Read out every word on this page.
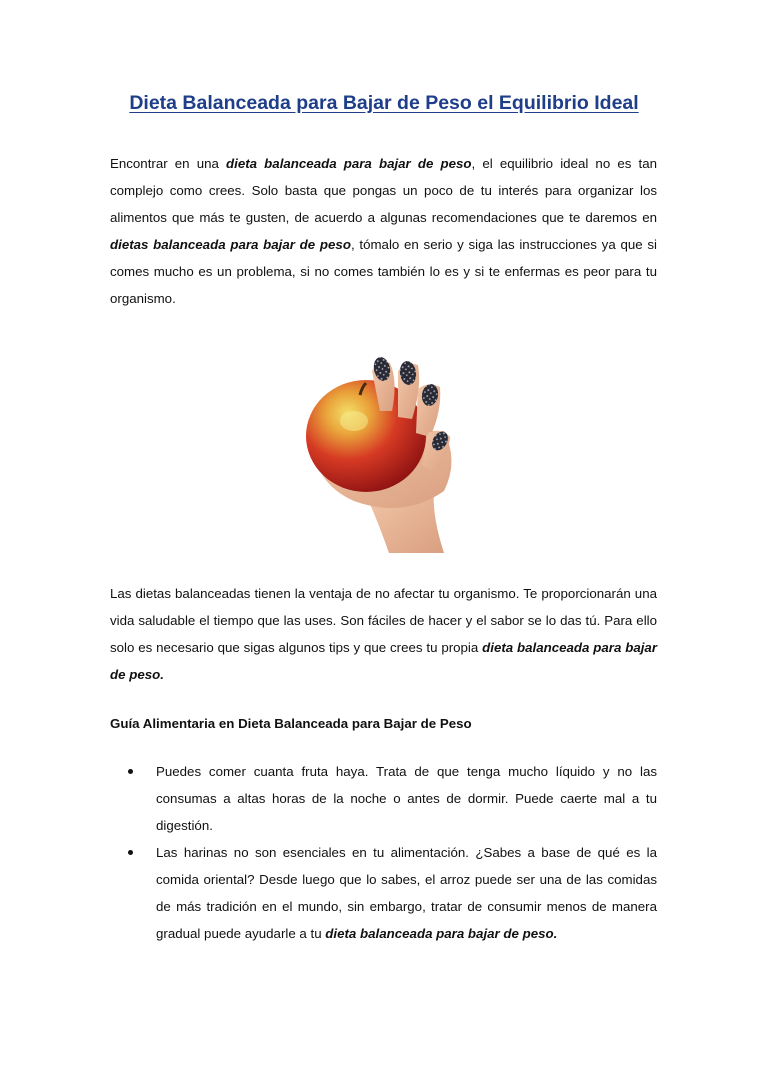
Dieta Balanceada para Bajar de Peso el Equilibrio Ideal

Encontrar en una dieta balanceada para bajar de peso, el equilibrio ideal no es tan complejo como crees. Solo basta que pongas un poco de tu interés para organizar los alimentos que más te gusten, de acuerdo a algunas recomendaciones que te daremos en dietas balanceada para bajar de peso, tómalo en serio y siga las instrucciones ya que si comes mucho es un problema, si no comes también lo es y si te enfermas es peor para tu organismo.

Las dietas balanceadas tienen la ventaja de no afectar tu organismo. Te proporcionarán una vida saludable el tiempo que las uses. Son fáciles de hacer y el sabor se lo das tú. Para ello solo es necesario que sigas algunos tips y que crees tu propia dieta balanceada para bajar de peso.

Guía Alimentaria en Dieta Balanceada para Bajar de Peso
Puedes comer cuanta fruta haya. Trata de que tenga mucho líquido y no las consumas a altas horas de la noche o antes de dormir. Puede caerte mal a tu digestión.
Las harinas no son esenciales en tu alimentación. ¿Sabes a base de qué es la comida oriental? Desde luego que lo sabes, el arroz puede ser una de las comidas de más tradición en el mundo, sin embargo, tratar de consumir menos de manera gradual puede ayudarle a tu dieta balanceada para bajar de peso.
